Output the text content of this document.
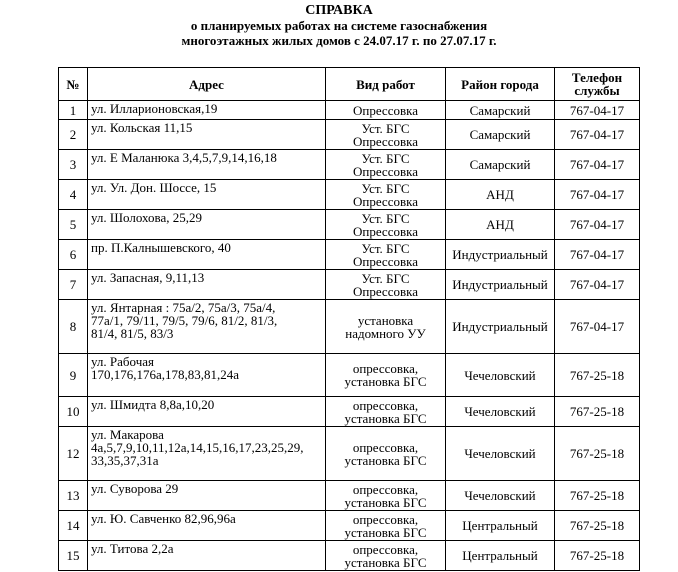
СПРАВКА
о планируемых работах на системе газоснабжения
многоэтажных жилых домов с 24.07.17 г. по 27.07.17 г.
№	Адрес	Вид работ	Район города	Телефон
службы
1	ул. Илларионовская,19	Опрессовка	Самарский	767-04-17
2	ул. Кольская 11,15	Уст. БГС
Опрессовка	Самарский	767-04-17
3	ул. Е Маланюка 3,4,5,7,9,14,16,18	Уст. БГС
Опрессовка	Самарский	767-04-17
4	ул. Ул. Дон. Шоссе, 15	Уст. БГС
Опрессовка	АНД	767-04-17
5	ул. Шолохова, 25,29	Уст. БГС
Опрессовка	АНД	767-04-17
6	пр. П.Калнышевского, 40	Уст. БГС
Опрессовка	Индустриальный	767-04-17
7	ул. Запасная, 9,11,13	Уст. БГС
Опрессовка	Индустриальный	767-04-17
8	ул. Янтарная : 75а/2, 75а/3, 75а/4,
77а/1, 79/11, 79/5, 79/6, 81/2, 81/3,
81/4, 81/5, 83/3	установка
надомного УУ	Индустриальный	767-04-17
9	ул. Рабочая
170,176,176а,178,83,81,24а	опрессовка,
установка БГС	Чечеловский	767-25-18
10	ул. Шмидта 8,8а,10,20	опрессовка,
установка БГС	Чечеловский	767-25-18
12	ул. Макарова
4а,5,7,9,10,11,12а,14,15,16,17,23,25,29,
33,35,37,31а	опрессовка,
установка БГС	Чечеловский	767-25-18
13	ул. Суворова 29	опрессовка,
установка БГС	Чечеловский	767-25-18
14	ул. Ю. Савченко 82,96,96а	опрессовка,
установка БГС	Центральный	767-25-18
15	ул. Титова 2,2а	опрессовка,
установка БГС	Центральный	767-25-18
